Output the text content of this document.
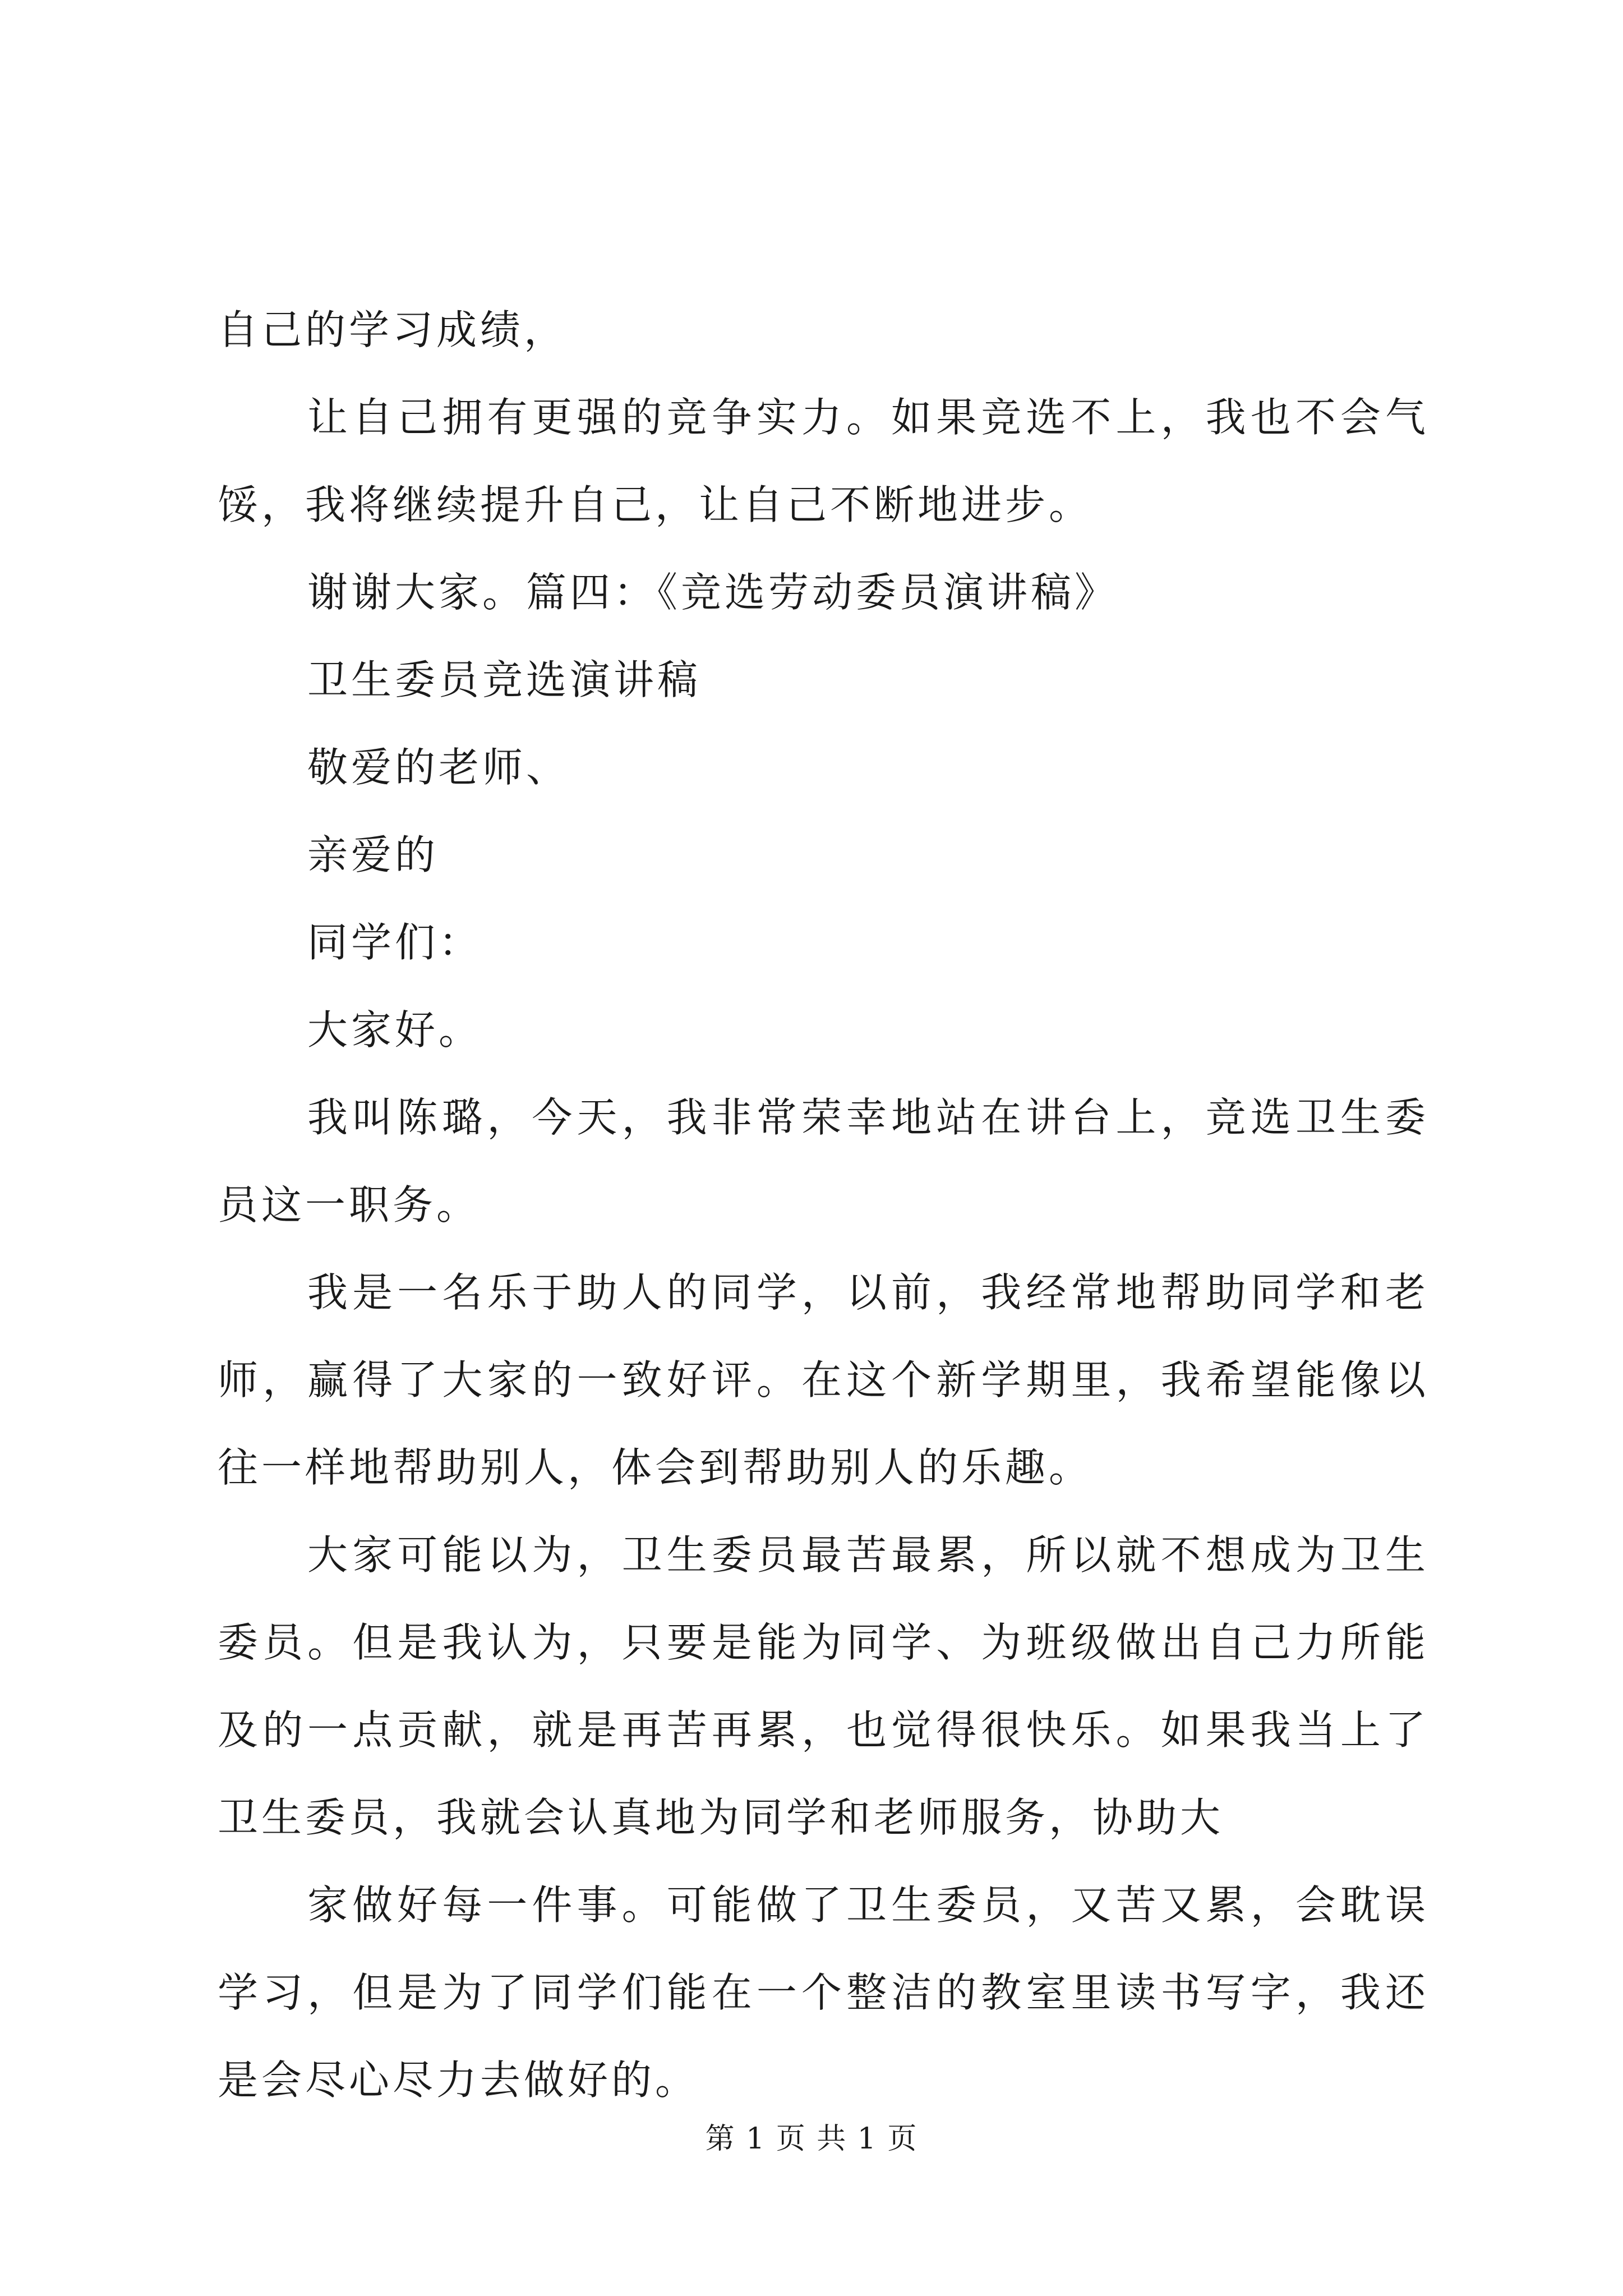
自己的学习成绩，

让自己拥有更强的竞争实力。如果竞选不上，我也不会气馁，我将继续提升自己，让自己不断地进步。

谢谢大家。篇四：《竞选劳动委员演讲稿》

卫生委员竞选演讲稿

敬爱的老师、

亲爱的

同学们：

大家好。

我叫陈璐，今天，我非常荣幸地站在讲台上，竞选卫生委员这一职务。

我是一名乐于助人的同学，以前，我经常地帮助同学和老师，赢得了大家的一致好评。在这个新学期里，我希望能像以往一样地帮助别人，体会到帮助别人的乐趣。

大家可能以为，卫生委员最苦最累，所以就不想成为卫生委员。但是我认为，只要是能为同学、为班级做出自己力所能及的一点贡献，就是再苦再累，也觉得很快乐。如果我当上了卫生委员，我就会认真地为同学和老师服务，协助大

家做好每一件事。可能做了卫生委员，又苦又累，会耽误学习，但是为了同学们能在一个整洁的教室里读书写字，我还是会尽心尽力去做好的。

第 1 页 共 1 页
